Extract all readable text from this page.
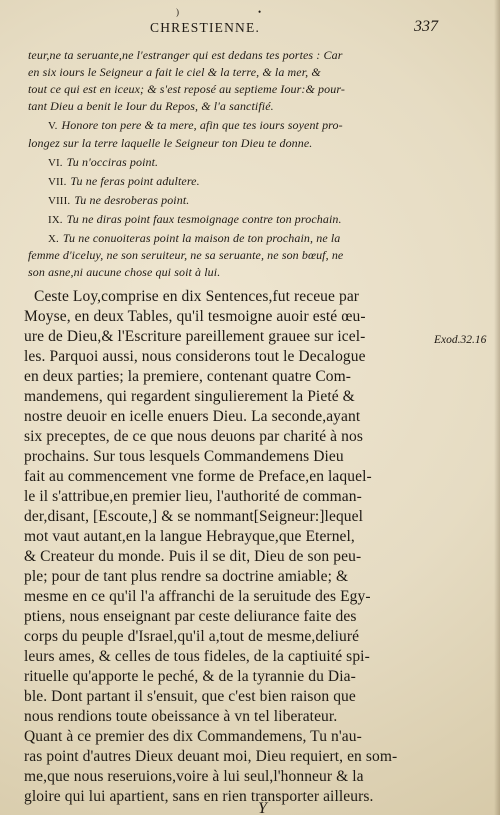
)	•
CHRESTIENNE.	337
teur,ne ta seruante,ne l'estranger qui est dedans tes portes : Car
en six iours le Seigneur a fait le ciel & la terre, & la mer, &
tout ce qui est en iceux; & s'est reposé au septieme Iour:& pour-
tant Dieu a benit le Iour du Repos, & l'a sanctifié.
V. Honore ton pere & ta mere, afin que tes iours soyent pro-
longez sur la terre laquelle le Seigneur ton Dieu te donne.
VI. Tu n'occiras point.
VII. Tu ne feras point adultere.
VIII. Tu ne desroberas point.
IX. Tu ne diras point faux tesmoignage contre ton prochain.
X. Tu ne conuoiteras point la maison de ton prochain, ne la
femme d'iceluy, ne son seruiteur, ne sa seruante, ne son bœuf, ne
son asne,ni aucune chose qui soit à lui.
Ceste Loy,comprise en dix Sentences,fut receue par
Moyse, en deux Tables, qu'il tesmoigne auoir esté œu-
ure de Dieu,& l'Escriture pareillement grauee sur icel-
les. Parquoi aussi, nous considerons tout le Decalogue
en deux parties; la premiere, contenant quatre Com-
mandemens, qui regardent singulierement la Pieté &
nostre deuoir en icelle enuers Dieu. La seconde,ayant
six preceptes, de ce que nous deuons par charité à nos
prochains. Sur tous lesquels Commandemens Dieu
fait au commencement vne forme de Preface,en laquel-
le il s'attribue,en premier lieu, l'authorité de comman-
der,disant, [Escoute,] & se nommant[Seigneur:]lequel
mot vaut autant,en la langue Hebrayque,que Eternel,
& Createur du monde. Puis il se dit, Dieu de son peu-
ple; pour de tant plus rendre sa doctrine amiable; &
mesme en ce qu'il l'a affranchi de la seruitude des Egy-
ptiens, nous enseignant par ceste deliurance faite des
corps du peuple d'Israel,qu'il a,tout de mesme,deliuré
leurs ames, & celles de tous fideles, de la captiuité spi-
rituelle qu'apporte le peché, & de la tyrannie du Dia-
ble. Dont partant il s'ensuit, que c'est bien raison que
nous rendions toute obeissance à vn tel liberateur.
Quant à ce premier des dix Commandemens, Tu n'au-
ras point d'autres Dieux deuant moi, Dieu requiert, en som-
me,que nous reseruions,voire à lui seul,l'honneur & la
gloire qui lui apartient, sans en rien transporter ailleurs.
Exod.32.16
Y
